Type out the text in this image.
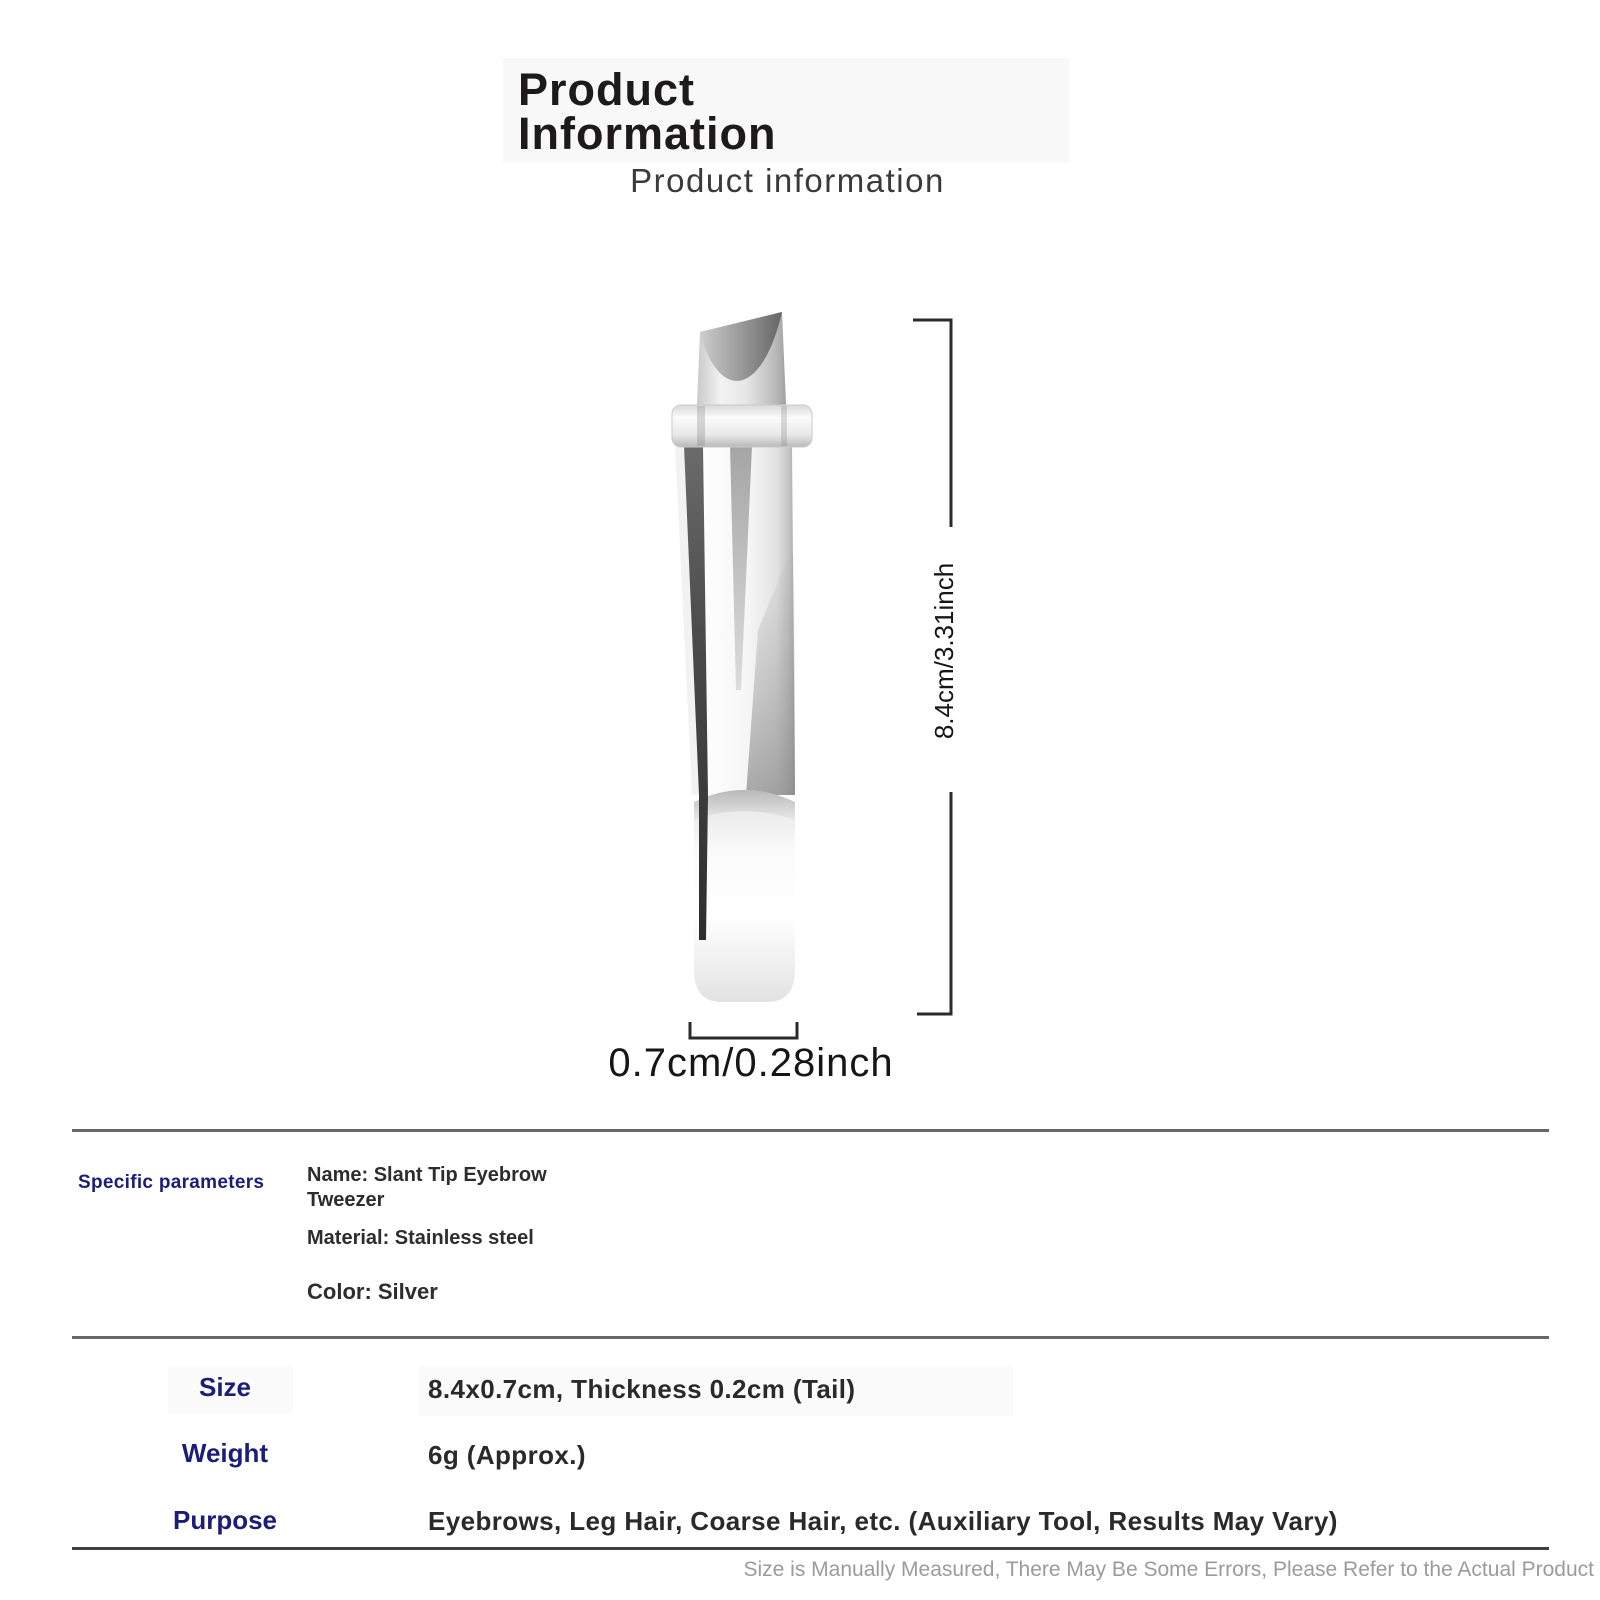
Product
Information
Product information
8.4cm/3.31inch
0.7cm/0.28inch
Specific parameters Name: Slant Tip Eyebrow Tweezer
Material: Stainless steel
Color: Silver
Size	8.4x0.7cm, Thickness 0.2cm (Tail)
Weight	6g (Approx.)
Purpose	Eyebrows, Leg Hair, Coarse Hair, etc. (Auxiliary Tool, Results May Vary)
Size is Manually Measured, There May Be Some Errors, Please Refer to the Actual Product
